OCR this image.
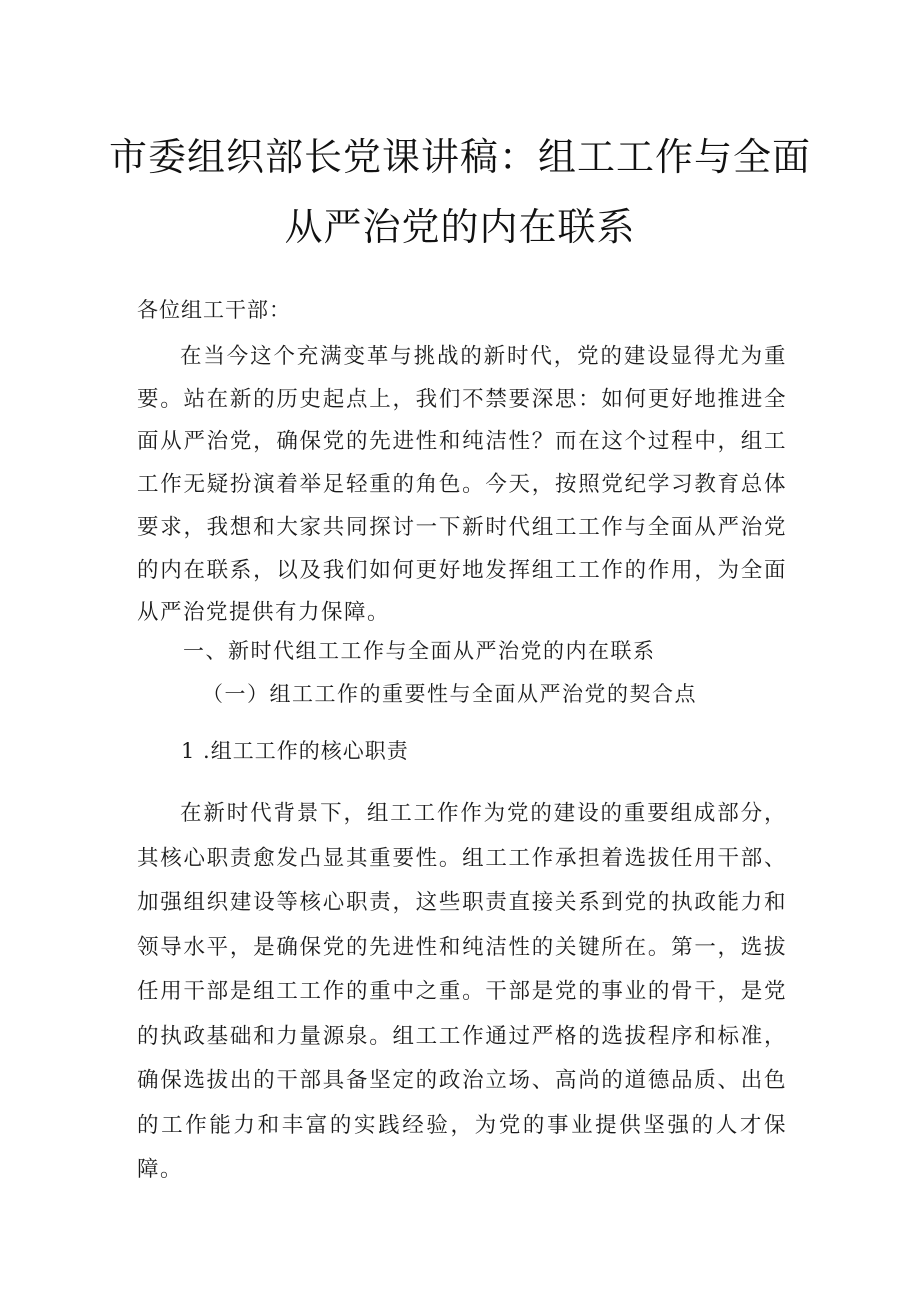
市委组织部长党课讲稿：组工工作与全面
从严治党的内在联系
各位组工干部：
在当今这个充满变革与挑战的新时代，党的建设显得尤为重要。站在新的历史起点上，我们不禁要深思：如何更好地推进全面从严治党，确保党的先进性和纯洁性？而在这个过程中，组工工作无疑扮演着举足轻重的角色。今天，按照党纪学习教育总体要求，我想和大家共同探讨一下新时代组工工作与全面从严治党的内在联系，以及我们如何更好地发挥组工工作的作用，为全面从严治党提供有力保障。
一、新时代组工工作与全面从严治党的内在联系
（一）组工工作的重要性与全面从严治党的契合点
1 .组工工作的核心职责
在新时代背景下，组工工作作为党的建设的重要组成部分，其核心职责愈发凸显其重要性。组工工作承担着选拔任用干部、加强组织建设等核心职责，这些职责直接关系到党的执政能力和领导水平，是确保党的先进性和纯洁性的关键所在。第一，选拔任用干部是组工工作的重中之重。干部是党的事业的骨干，是党的执政基础和力量源泉。组工工作通过严格的选拔程序和标准，确保选拔出的干部具备坚定的政治立场、高尚的道德品质、出色的工作能力和丰富的实践经验，为党的事业提供坚强的人才保障。
